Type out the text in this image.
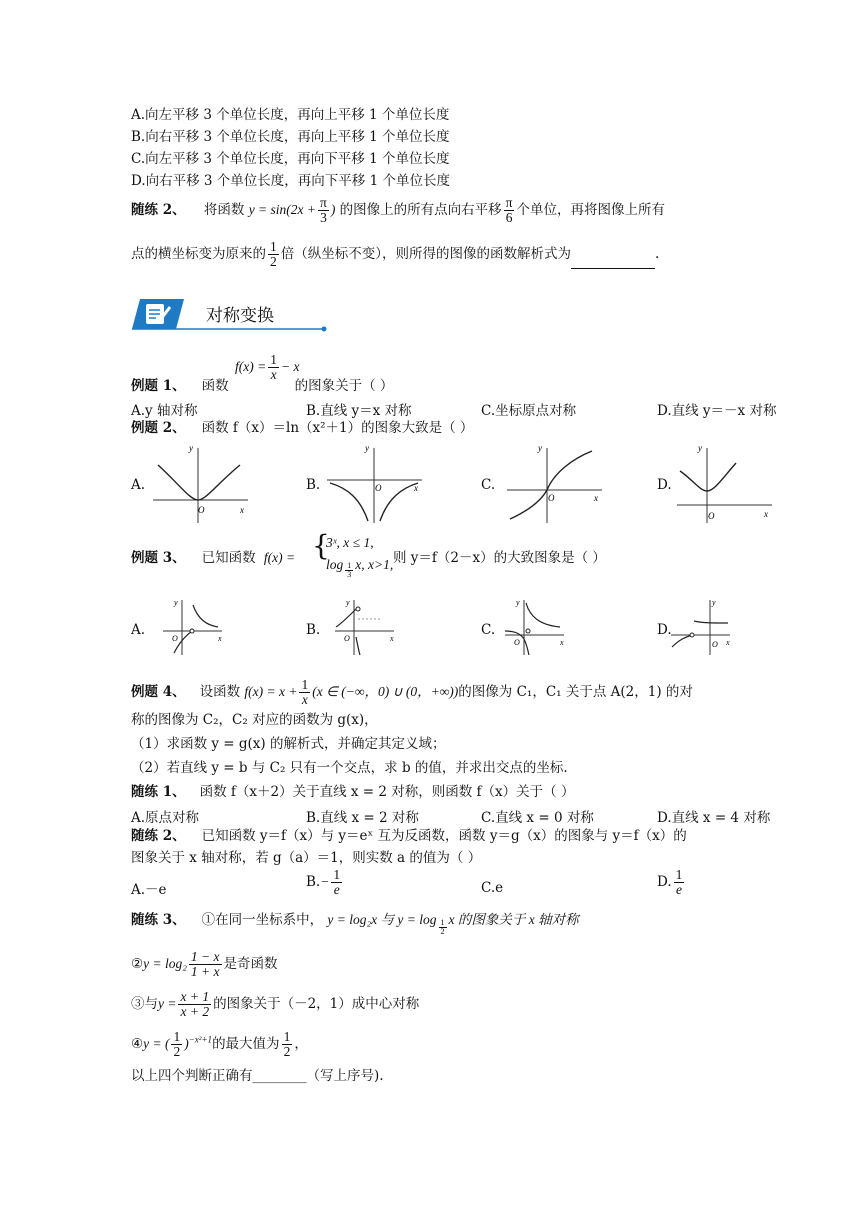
A.向左平移 3 个单位长度，再向上平移 1 个单位长度
B.向右平移 3 个单位长度，再向上平移 1 个单位长度
C.向左平移 3 个单位长度，再向下平移 1 个单位长度
D.向右平移 3 个单位长度，再向下平移 1 个单位长度
随练 2、 将函数 $y = \sin(2x + \frac{\pi}{3}$ ) 的图像上的所有点向右平移 $\frac{\pi}{6}$ 个单位，再将图像上所有
点的横坐标变为原来的 $\frac{1}{2}$ 倍（纵坐标不变），则所得的图像的函数解析式为	.
对称变换
$f(x) = \frac{1}{x} - x$
例题 1、 函数	的图象关于（ ）
A.y 轴对称	B.直线 y＝x 对称	C.坐标原点对称	D.直线 y＝－x 对称
例题 2、 函数 f（x）＝ln（x²＋1）的图象大致是（ ）
A.	B.	C.	D.
y
x
O
y
x
O
y
x
O
y
x
O
例题 3、 已知函数 f(x) = {
3ˣ, x ≤ 1,
$\log \frac{1}{3} x$, x>1, 则 y＝f（2－x）的大致图象是（ ）
A.	B.	C.	D.
y
x
O
y
x
O
y
x
O
y
x
O
例题 4、 设函数 $f(x) = x + \frac{1}{x} (x$ ∈ (−∞，0) ∪ (0，+∞))的图像为 C₁，C₁ 关于点 A(2，1) 的对
称的图像为 C₂，C₂ 对应的函数为 g(x)，
（1）求函数 y = g(x) 的解析式，并确定其定义域；
（2）若直线 y = b 与 C₂ 只有一个交点，求 b 的值，并求出交点的坐标.
随练 1、 函数 f（x＋2）关于直线 x = 2 对称，则函数 f（x）关于（ ）
A.原点对称	B.直线 x = 2 对称	C.直线 x = 0 对称	D.直线 x = 4 对称
随练 2、 已知函数 y＝f（x）与 y＝eˣ 互为反函数，函数 y＝g（x）的图象与 y＝f（x）的
图象关于 x 轴对称，若 g（a）＝1，则实数 a 的值为（ ）
A.－e	$B.- \frac{1}{e}$	C.e	D. $\frac{1}{e}$
随练 3、 ①在同一坐标系中， y = log₂x 与 $y = \log \frac{1}{2}$ x 的图象关于 x 轴对称
②y = $\log_2 \frac{1 - x}{1 + x}$ 是奇函数
③与$y = \frac{x + 1}{x + 2}$ 的图象关于（－2，1）成中心对称
④y = ( $\frac{1}{2} )^{-x^2+1}$的最大值为 $\frac{1}{2}$ ，
以上四个判断正确有________（写上序号).
